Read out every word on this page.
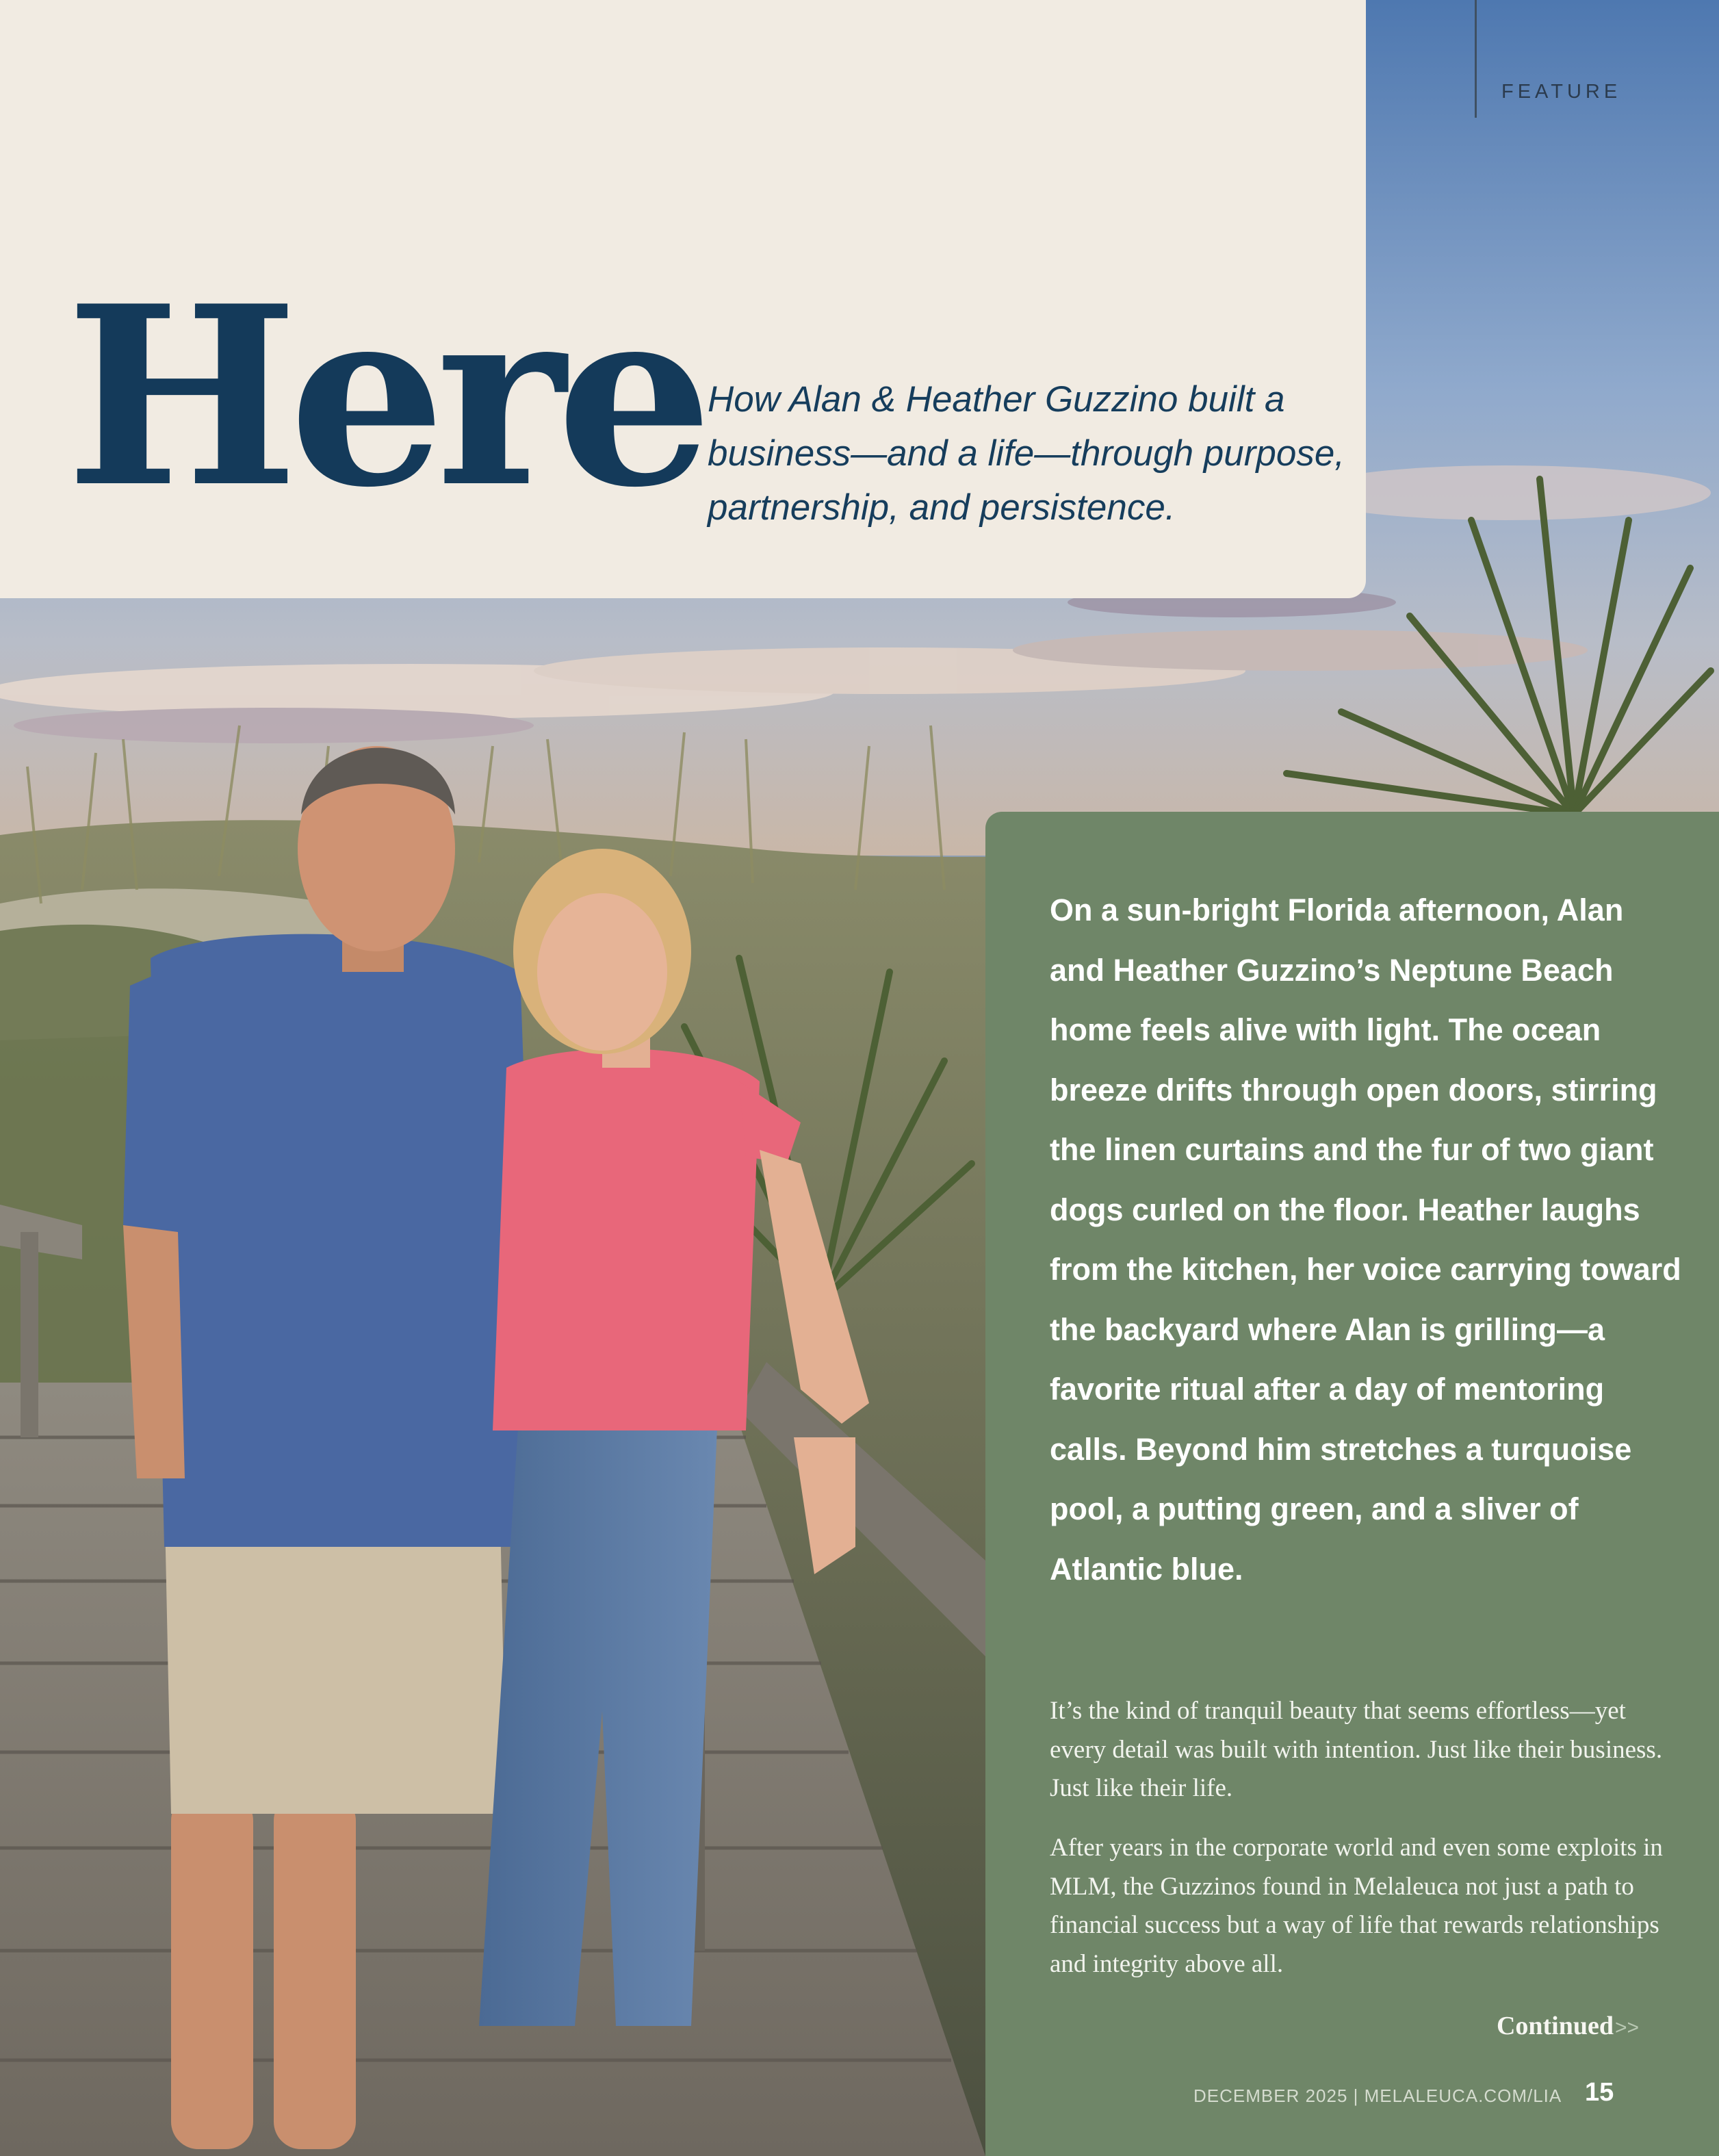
Here How Alan & Heather Guzzino built a business—and a life—through purpose, partnership, and persistence.

FEATURE

On a sun-bright Florida afternoon, Alan and Heather Guzzino’s Neptune Beach home feels alive with light. The ocean breeze drifts through open doors, stirring the linen curtains and the fur of two giant dogs curled on the floor. Heather laughs from the kitchen, her voice carrying toward the backyard where Alan is grilling—a favorite ritual after a day of mentoring calls. Beyond him stretches a turquoise pool, a putting green, and a sliver of Atlantic blue.

It’s the kind of tranquil beauty that seems effortless—yet every detail was built with intention. Just like their business. Just like their life.

After years in the corporate world and even some exploits in MLM, the Guzzinos found in Melaleuca not just a path to financial success but a way of life that rewards relationships and integrity above all.

Continued >>
DECEMBER 2025 | MELALEUCA.COM/LIA 15
